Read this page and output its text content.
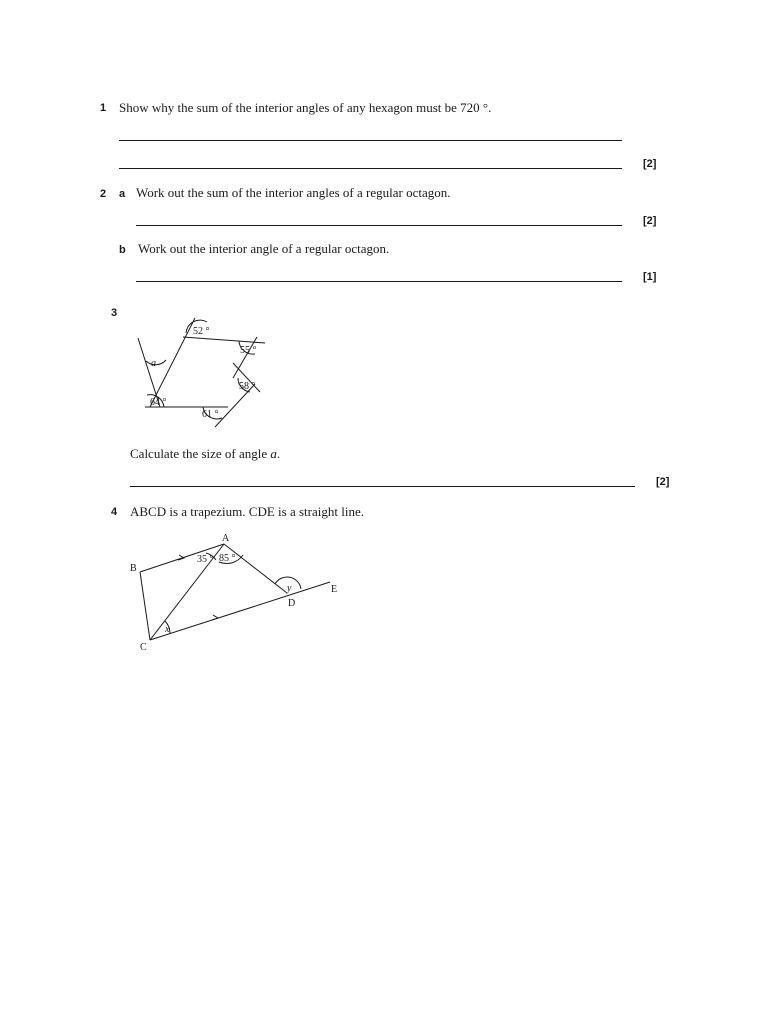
1 Show why the sum of the interior angles of any hexagon must be 720 °.
[2]
2 a Work out the sum of the interior angles of a regular octagon.
[2]
b Work out the interior angle of a regular octagon.
[1]
3
52 °
55 °
58 °
61 °
64 °
a
Calculate the size of angle a.
[2]
4 ABCD is a trapezium. CDE is a straight line.
A
B
C
D
E
35 ° 85 °
x
y
